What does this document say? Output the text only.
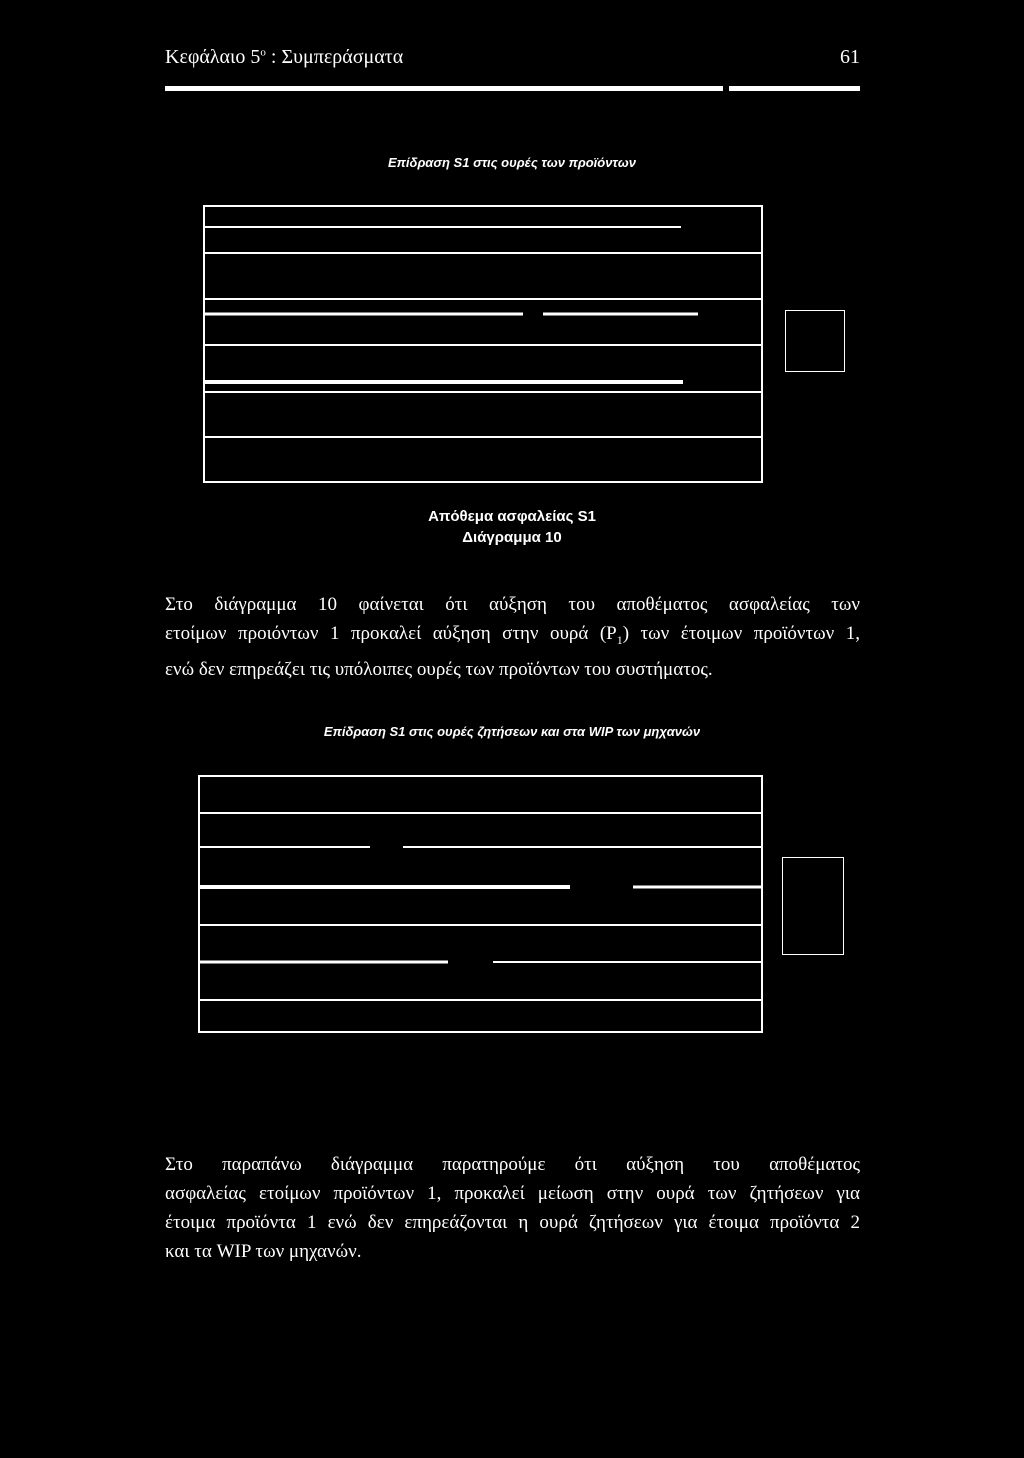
Κεφάλαιο $5^o$ : Συμπεράσματα	61
Επίδραση S1 στις ουρές των προϊόντων
Απόθεμα ασφαλείας S1
Διάγραμμα 10
Στο διάγραμμα 10 φαίνεται ότι αύξηση του αποθέματος ασφαλείας των
ετοίμων προιόντων 1 προκαλεί αύξηση στην ουρά $(P_1)$ των έτοιμων προϊόντων 1,
ενώ δεν επηρεάζει τις υπόλοιπες ουρές των προϊόντων του συστήματος.
Επίδραση S1 στις ουρές ζητήσεων και στα WIP των μηχανών
Στο παραπάνω διάγραμμα παρατηρούμε ότι αύξηση του αποθέματος
ασφαλείας ετοίμων προϊόντων 1, προκαλεί μείωση στην ουρά των ζητήσεων για
έτοιμα προϊόντα 1 ενώ δεν επηρεάζονται η ουρά ζητήσεων για έτοιμα προϊόντα 2
και τα WIP των μηχανών.
